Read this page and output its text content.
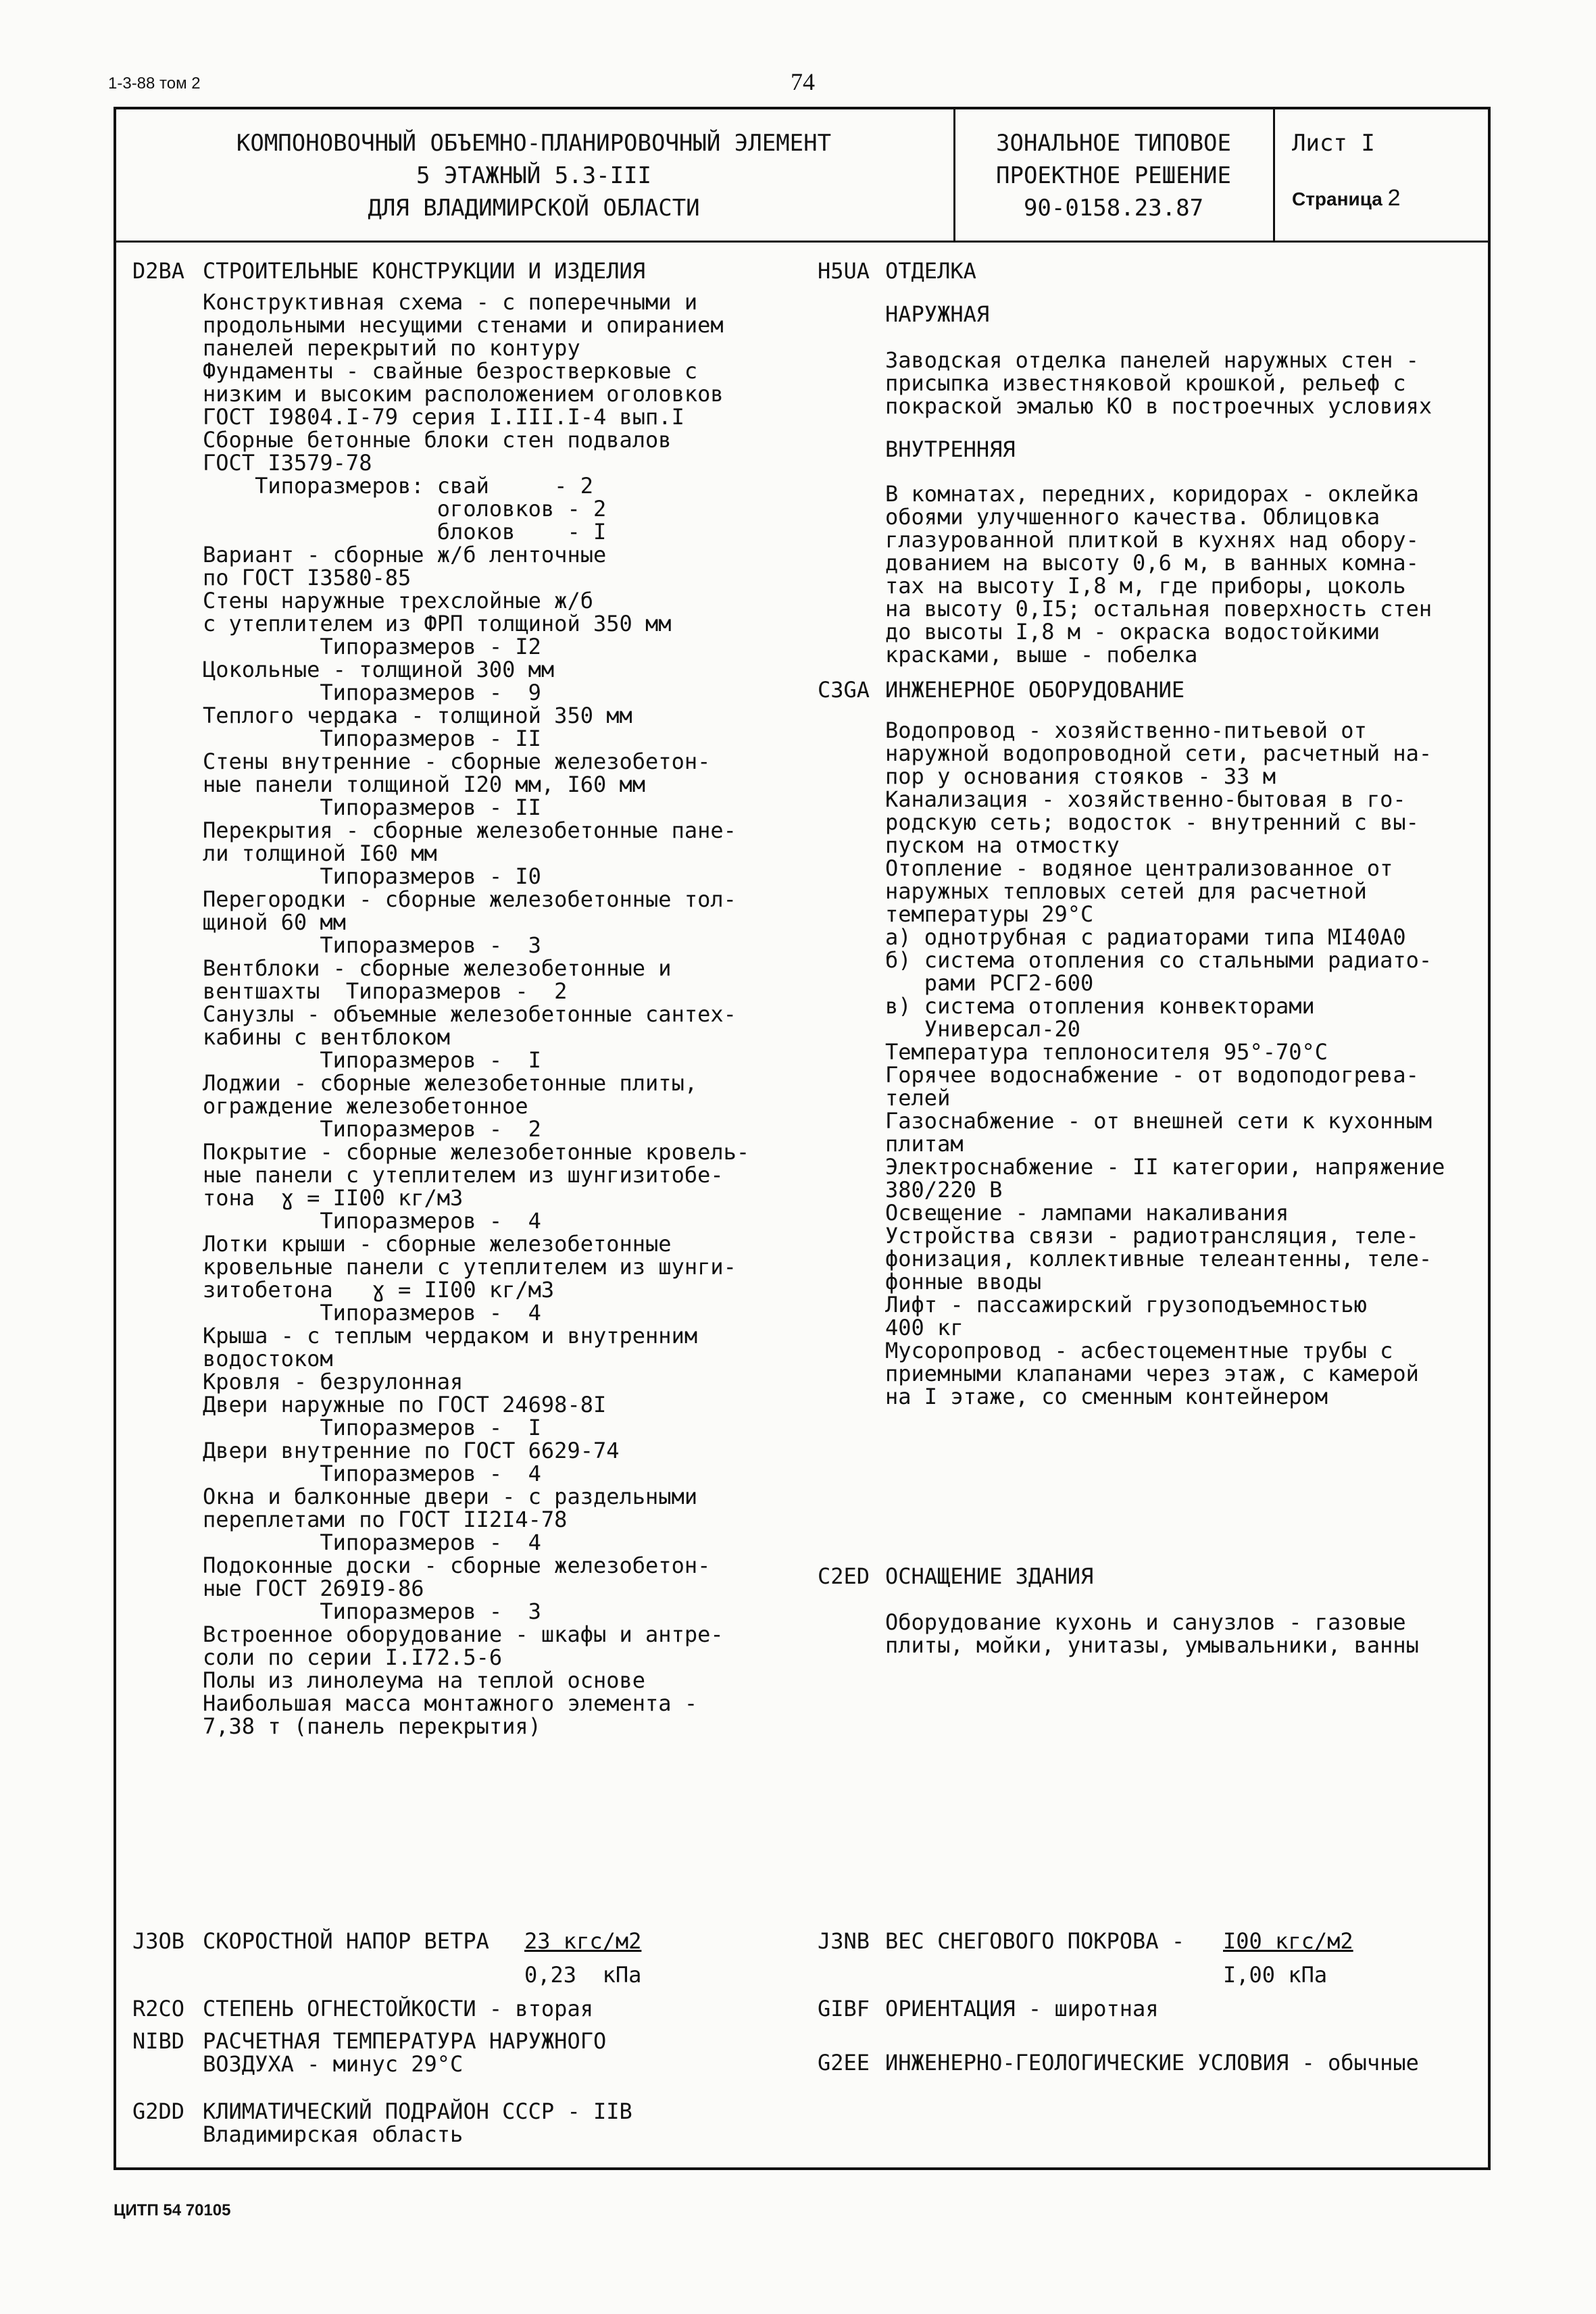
1-3-88 том 2	74
КОМПОНОВОЧНЫЙ ОБЪЕМНО-ПЛАНИРОВОЧНЫЙ ЭЛЕМЕНТ
5 ЭТАЖНЫЙ 5.3-III
ДЛЯ ВЛАДИМИРСКОЙ ОБЛАСТИ
ЗОНАЛЬНОЕ ТИПОВОЕ
ПРОЕКТНОЕ РЕШЕНИЕ
90-0158.23.87
Лист I
Страница 2
D2BA СТРОИТЕЛЬНЫЕ КОНСТРУКЦИИ И ИЗДЕЛИЯ
Конструктивная схема - с поперечными и
продольными несущими стенами и опиранием
панелей перекрытий по контуру
Фундаменты - свайные безростверковые с
низким и высоким расположением оголовков
ГОСТ I9804.I-79 серия I.III.I-4 вып.I
Сборные бетонные блоки стен подвалов
ГОСТ I3579-78
Типоразмеров: свай     - 2
оголовков - 2
блоков    - I
Вариант - сборные ж/б ленточные
по ГОСТ I3580-85
Стены наружные трехслойные ж/б
с утеплителем из ФРП толщиной 350 мм
Типоразмеров - I2
Цокольные - толщиной 300 мм
Типоразмеров -  9
Теплого чердака - толщиной 350 мм
Типоразмеров - II
Стены внутренние - сборные железобетон-
ные панели толщиной I20 мм, I60 мм
Типоразмеров - II
Перекрытия - сборные железобетонные пане-
ли толщиной I60 мм
Типоразмеров - I0
Перегородки - сборные железобетонные тол-
щиной 60 мм
Типоразмеров -  3
Вентблоки - сборные железобетонные и
вентшахты  Типоразмеров -  2
Санузлы - объемные железобетонные сантех-
кабины с вентблоком
Типоразмеров -  I
Лоджии - сборные железобетонные плиты,
ограждение железобетонное
Типоразмеров -  2
Покрытие - сборные железобетонные кровель-
ные панели с утеплителем из шунгизитобе-
тона  ɣ = II00 кг/м3
Типоразмеров -  4
Лотки крыши - сборные железобетонные
кровельные панели с утеплителем из шунги-
зитобетона   ɣ = II00 кг/м3
Типоразмеров -  4
Крыша - с теплым чердаком и внутренним
водостоком
Кровля - безрулонная
Двери наружные по ГОСТ 24698-8I
Типоразмеров -  I
Двери внутренние по ГОСТ 6629-74
Типоразмеров -  4
Окна и балконные двери - с раздельными
переплетами по ГОСТ II2I4-78
Типоразмеров -  4
Подоконные доски - сборные железобетон-
ные ГОСТ 269I9-86
Типоразмеров -  3
Встроенное оборудование - шкафы и антре-
соли по серии I.I72.5-6
Полы из линолеума на теплой основе
Наибольшая масса монтажного элемента -
7,38 т (панель перекрытия)
H5UA ОТДЕЛКА
НАРУЖНАЯ
Заводская отделка панелей наружных стен -
присыпка известняковой крошкой, рельеф с
покраской эмалью КО в построечных условиях
ВНУТРЕННЯЯ
В комнатах, передних, коридорах - оклейка
обоями улучшенного качества. Облицовка
глазурованной плиткой в кухнях над обору-
дованием на высоту 0,6 м, в ванных комна-
тах на высоту I,8 м, где приборы, цоколь
на высоту 0,I5; остальная поверхность стен
до высоты I,8 м - окраска водостойкими
красками, выше - побелка
C3GA ИНЖЕНЕРНОЕ ОБОРУДОВАНИЕ
Водопровод - хозяйственно-питьевой от
наружной водопроводной сети, расчетный на-
пор у основания стояков - 33 м
Канализация - хозяйственно-бытовая в го-
родскую сеть; водосток - внутренний с вы-
пуском на отмостку
Отопление - водяное централизованное от
наружных тепловых сетей для расчетной
температуры 29°С
а) однотрубная с радиаторами типа МI40А0
б) система отопления со стальными радиато-
рами РСГ2-600
в) система отопления конвекторами
Универсал-20
Температура теплоносителя 95°-70°С
Горячее водоснабжение - от водоподогрева-
телей
Газоснабжение - от внешней сети к кухонным
плитам
Электроснабжение - II категории, напряжение
380/220 В
Освещение - лампами накаливания
Устройства связи - радиотрансляция, теле-
фонизация, коллективные телеантенны, теле-
фонные вводы
Лифт - пассажирский грузоподъемностью
400 кг
Мусоропровод - асбестоцементные трубы с
приемными клапанами через этаж, с камерой
на I этаже, со сменным контейнером
C2ED ОСНАЩЕНИЕ ЗДАНИЯ
Оборудование кухонь и санузлов - газовые
плиты, мойки, унитазы, умывальники, ванны
J3OB СКОРОСТНОЙ НАПОР ВЕТРА 23 кгс/м2
0,23  кПа
R2CO СТЕПЕНЬ ОГНЕСТОЙКОСТИ - вторая
NIBD РАСЧЕТНАЯ ТЕМПЕРАТУРА НАРУЖНОГО
ВОЗДУХА - минус 29°С
G2DD КЛИМАТИЧЕСКИЙ ПОДРАЙОН СССР - IIВ
Владимирская область
J3NB ВЕС СНЕГОВОГО ПОКРОВА - I00 кгс/м2
I,00 кПа
GIBF ОРИЕНТАЦИЯ - широтная
G2EE ИНЖЕНЕРНО-ГЕОЛОГИЧЕСКИЕ УСЛОВИЯ - обычные
ЦИТП 54 70105
